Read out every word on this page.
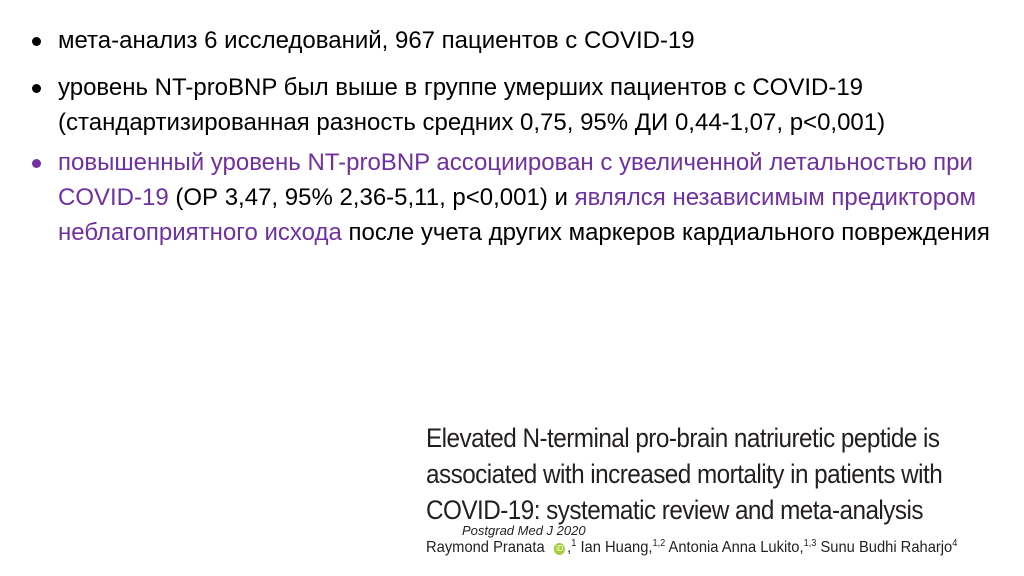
мета-анализ 6 исследований, 967 пациентов с COVID-19
уровень NT-proBNP был выше в группе умерших пациентов с COVID-19
(стандартизированная разность средних 0,75, 95% ДИ 0,44-1,07, p<0,001)
повышенный уровень NT-proBNP ассоциирован с увеличенной летальностью при COVID-19 (ОР 3,47, 95% 2,36-5,11, p<0,001) и являлся независимым предиктором неблагоприятного исхода после учета других маркеров кардиального повреждения
Elevated N-terminal pro-brain natriuretic peptide is
associated with increased mortality in patients with
COVID-19: systematic review and meta-analysis
Postgrad Med J 2020
Raymond Pranata iD ,$^1$ Ian Huang,$^{1,2}$ Antonia Anna Lukito,$^{1,3}$ Sunu Budhi Raharjo$^4$
